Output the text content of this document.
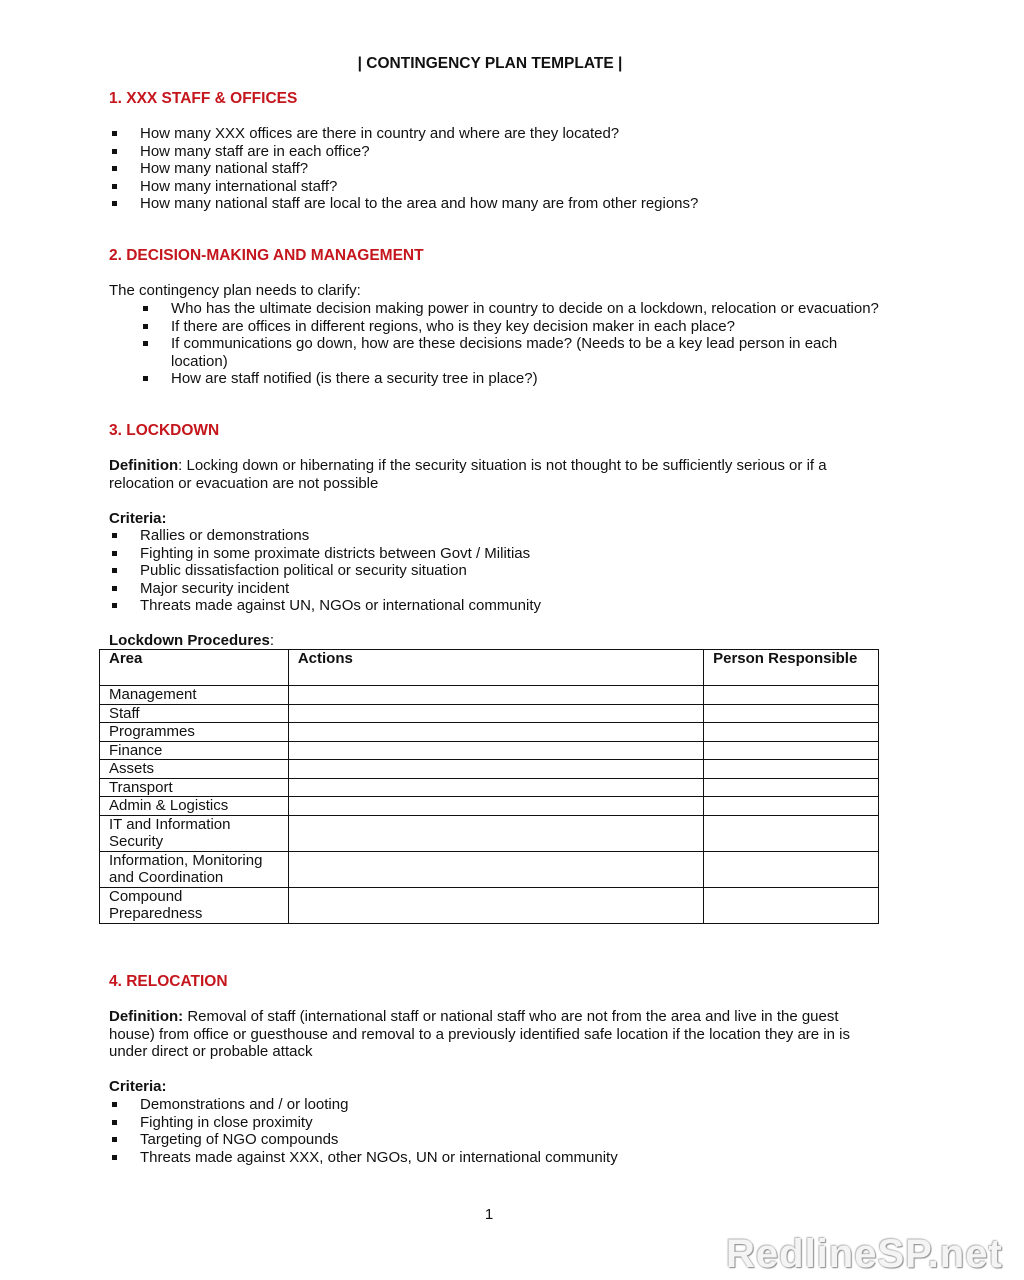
| CONTINGENCY PLAN TEMPLATE |
1. XXX STAFF & OFFICES
How many XXX offices are there in country and where are they located?
How many staff are in each office?
How many national staff?
How many international staff?
How many national staff are local to the area and how many are from other regions?
2. DECISION-MAKING AND MANAGEMENT
The contingency plan needs to clarify:
Who has the ultimate decision making power in country to decide on a lockdown, relocation or evacuation?
If there are offices in different regions, who is they key decision maker in each place?
If communications go down, how are these decisions made? (Needs to be a key lead person in each location)
How are staff notified (is there a security tree in place?)
3. LOCKDOWN
Definition: Locking down or hibernating if the security situation is not thought to be sufficiently serious or if a relocation or evacuation are not possible
Criteria:
Rallies or demonstrations
Fighting in some proximate districts between Govt / Militias
Public dissatisfaction political or security situation
Major security incident
Threats made against UN, NGOs or international community
Lockdown Procedures:
Area	Actions	Person Responsible
Management		
Staff		
Programmes		
Finance		
Assets		
Transport		
Admin & Logistics		
IT and Information Security		
Information, Monitoring and Coordination		
Compound Preparedness		
4. RELOCATION
Definition: Removal of staff (international staff or national staff who are not from the area and live in the guest house) from office or guesthouse and removal to a previously identified safe location if the location they are in is under direct or probable attack
Criteria:
Demonstrations and / or looting
Fighting in close proximity
Targeting of NGO compounds
Threats made against XXX, other NGOs, UN or international community
1
RedlineSP.net
